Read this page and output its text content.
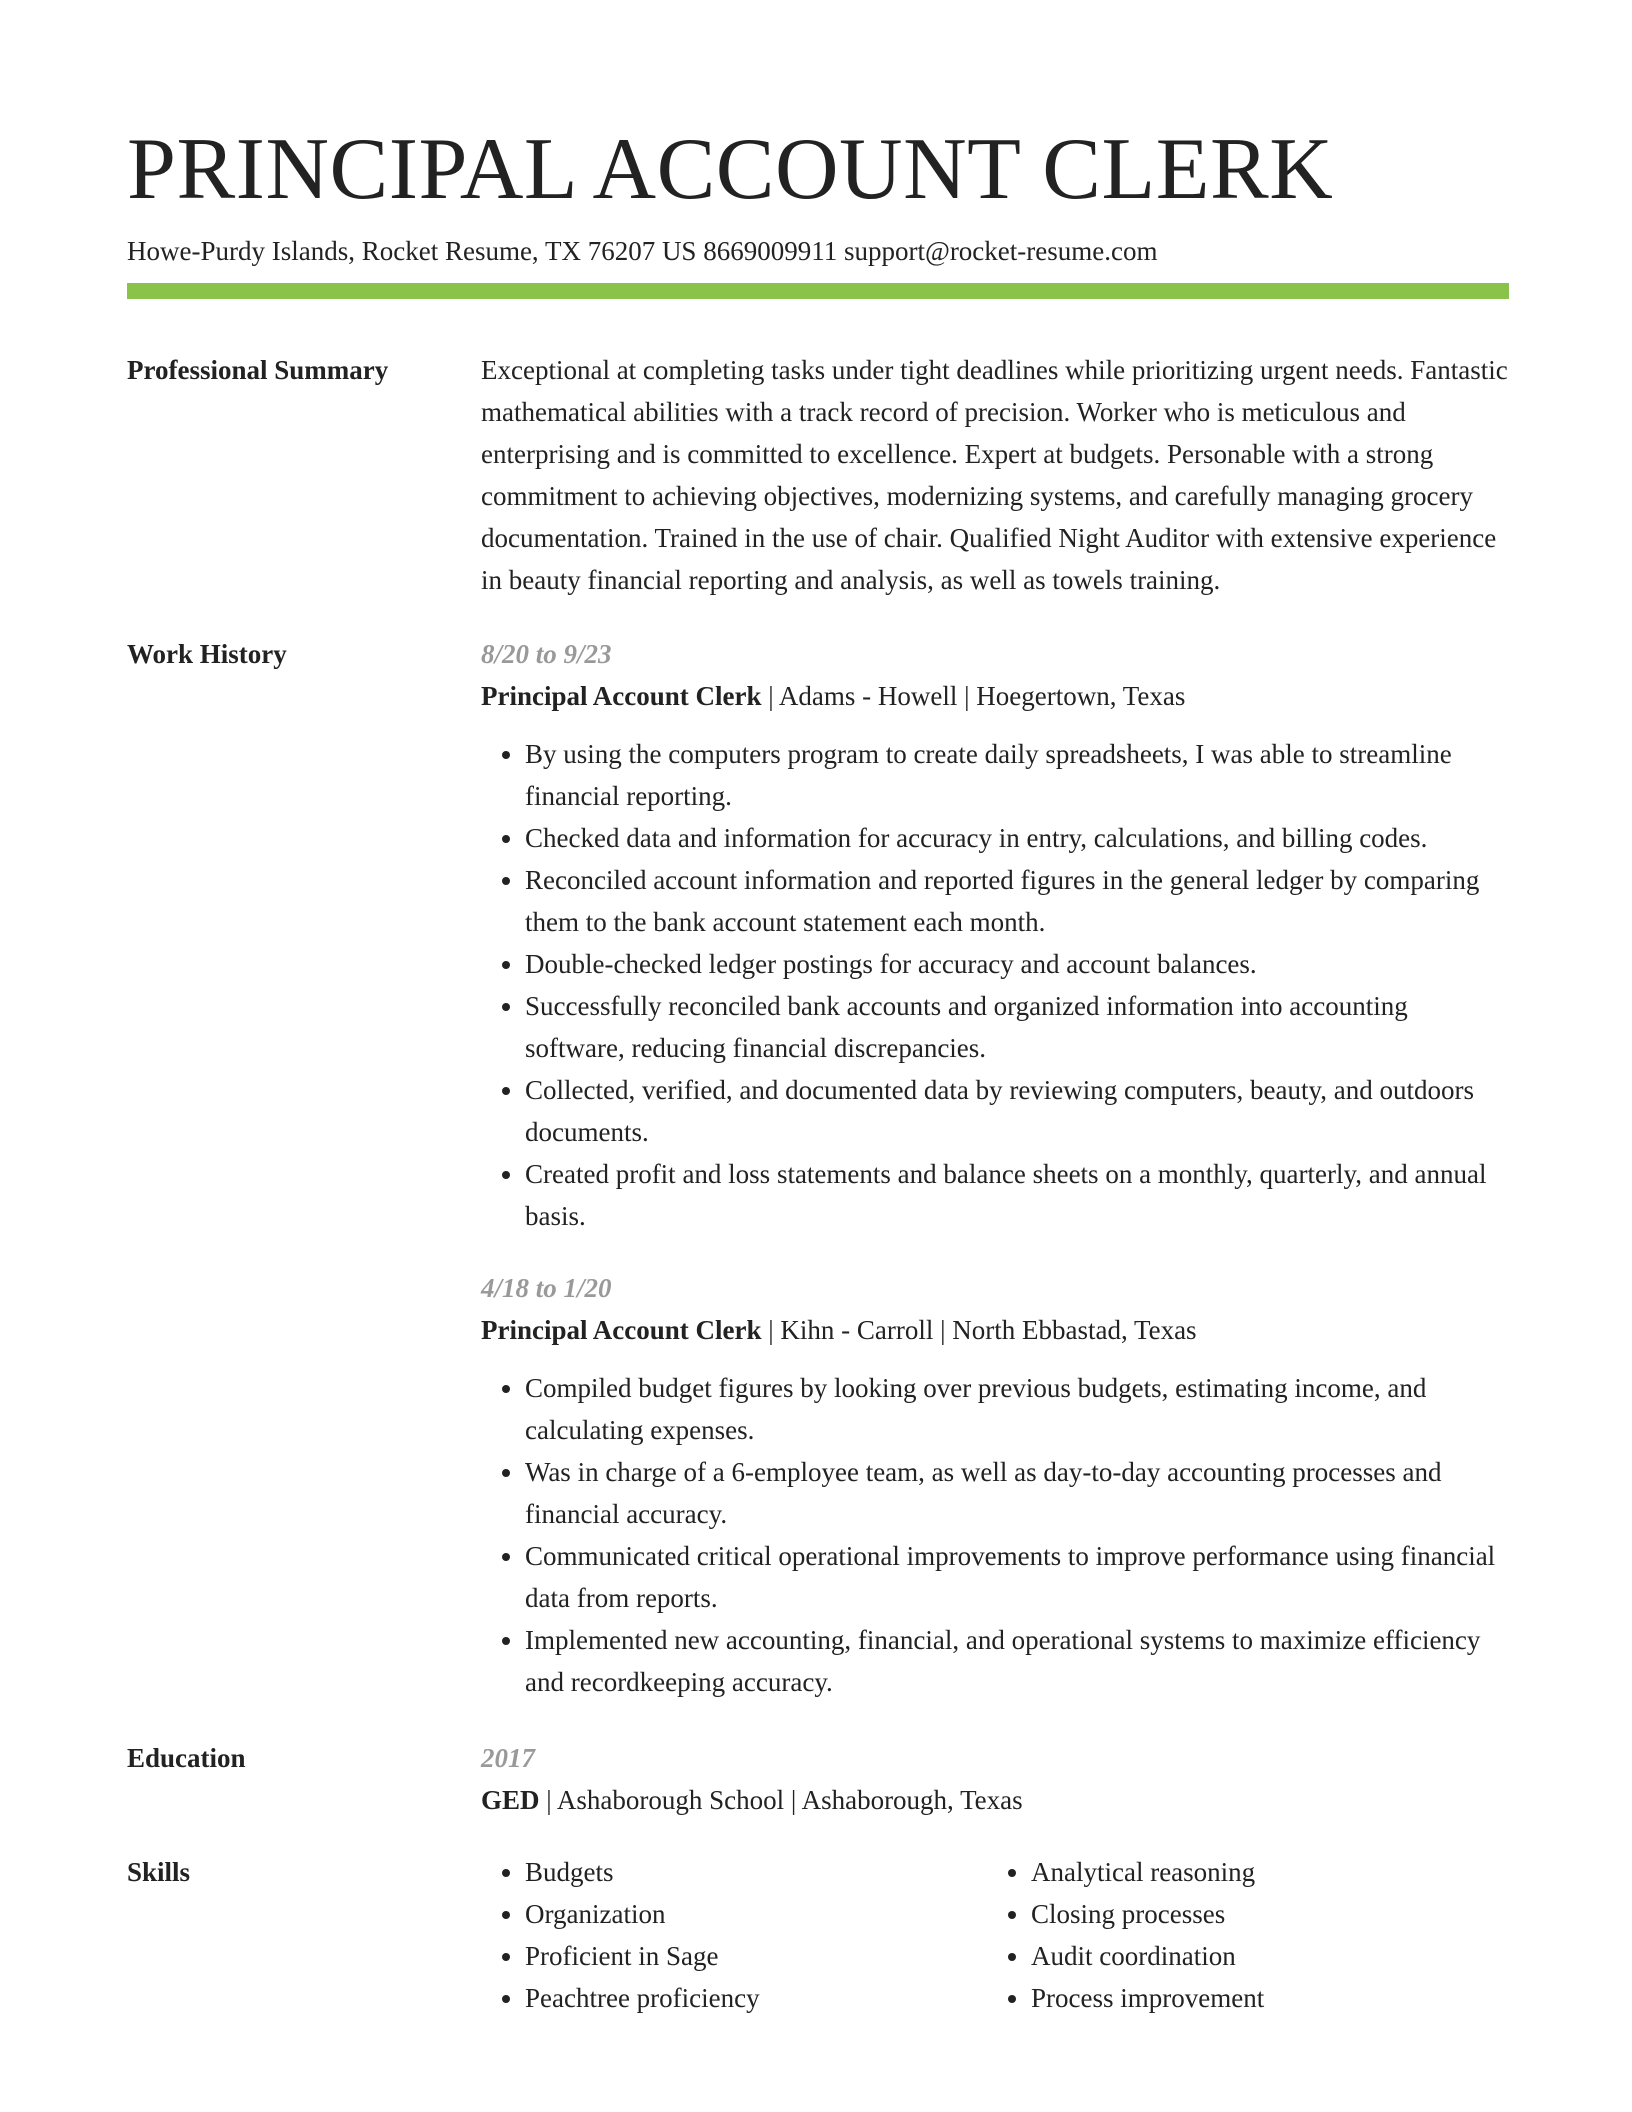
PRINCIPAL ACCOUNT CLERK
Howe-Purdy Islands, Rocket Resume, TX 76207 US 8669009911 support@rocket-resume.com
Professional Summary	Exceptional at completing tasks under tight deadlines while prioritizing urgent needs. Fantastic mathematical abilities with a track record of precision. Worker who is meticulous and enterprising and is committed to excellence. Expert at budgets. Personable with a strong commitment to achieving objectives, modernizing systems, and carefully managing grocery documentation. Trained in the use of chair. Qualified Night Auditor with extensive experience in beauty financial reporting and analysis, as well as towels training.
Work History	8/20 to 9/23
Principal Account Clerk | Adams - Howell | Hoegertown, Texas
• By using the computers program to create daily spreadsheets, I was able to streamline financial reporting.
• Checked data and information for accuracy in entry, calculations, and billing codes.
• Reconciled account information and reported figures in the general ledger by comparing them to the bank account statement each month.
• Double-checked ledger postings for accuracy and account balances.
• Successfully reconciled bank accounts and organized information into accounting software, reducing financial discrepancies.
• Collected, verified, and documented data by reviewing computers, beauty, and outdoors documents.
• Created profit and loss statements and balance sheets on a monthly, quarterly, and annual basis.
4/18 to 1/20
Principal Account Clerk | Kihn - Carroll | North Ebbastad, Texas
• Compiled budget figures by looking over previous budgets, estimating income, and calculating expenses.
• Was in charge of a 6-employee team, as well as day-to-day accounting processes and financial accuracy.
• Communicated critical operational improvements to improve performance using financial data from reports.
• Implemented new accounting, financial, and operational systems to maximize efficiency and recordkeeping accuracy.
Education	2017
GED | Ashaborough School | Ashaborough, Texas
Skills
•	Budgets
• Organization
• Proficient in Sage
• Peachtree proficiency
• Analytical reasoning
• Closing processes
• Audit coordination
• Process improvement
